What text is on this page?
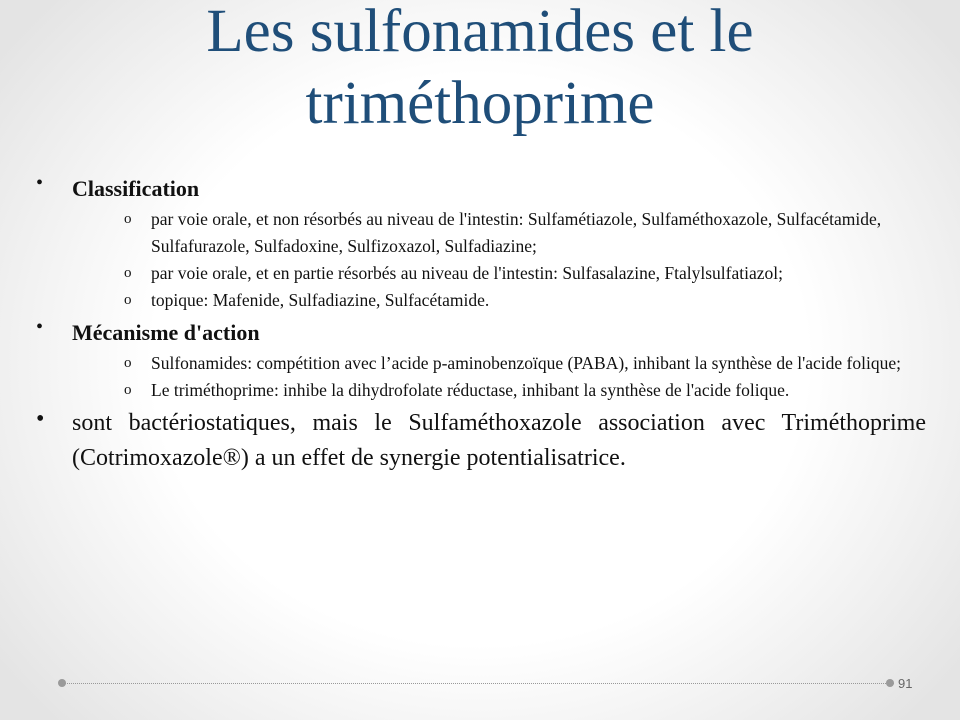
Les sulfonamides et le triméthoprime
• Classification
o par voie orale, et non résorbés au niveau de l'intestin: Sulfamétiazole, Sulfaméthoxazole, Sulfacétamide, Sulfafurazole, Sulfadoxine, Sulfizoxazol, Sulfadiazine;
o par voie orale, et en partie résorbés au niveau de l'intestin: Sulfasalazine, Ftalylsulfatiazol;
o topique: Mafenide, Sulfadiazine, Sulfacétamide.
• Mécanisme d'action
o Sulfonamides: compétition avec l’acide p-aminobenzoïque (PABA), inhibant la synthèse de l'acide folique;
o Le triméthoprime: inhibe la dihydrofolate réductase, inhibant la synthèse de l'acide folique.
• sont bactériostatiques, mais le Sulfaméthoxazole association avec Triméthoprime (Cotrimoxazole®) a un effet de synergie potentialisatrice.
91
